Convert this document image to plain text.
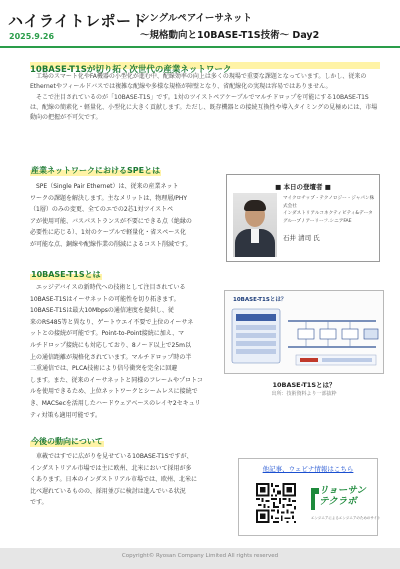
ハイライトレポート
2025.9.26
シングルペアイーサネット
～規格動向と10BASE-T1S技術～ Day2
10BASE-T1Sが切り拓く次世代の産業ネットワーク

工場のスマート化やFA機器の小型化が進む中、配線効率の向上は多くの現場で重要な課題となっています。しかし、従来のEthernetやフィールドバスでは複雑な配線や多様な規格が障壁となり、省配線化の実現は容易ではありません。

そこで注目されているのが「10BASE-T1S」です。1対のツイストペアケーブルでマルチドロップを可能にする10BASE-T1Sは、配線の簡素化・軽量化、小型化に大きく貢献します。ただし、既存機器との接続互換性や導入タイミングの見極めには、市場動向の把握が不可欠です。

産業ネットワークにおけるSPEとは
SPE（Single Pair Ethernet）は、従来の産業ネット
ワークの課題を解決します。主なメリットは、物理層/PHY
（1層）のみの変更、全てのエでの2芯1対ツイストペ
アが使用可能、バスパストランスが不要にできる点（絶縁の
必要性に応じる）、1対のケーブルで軽量化・省スペース化
が可能な点、銅線や配線作業の削減によるコスト削減です。
■ 本日の登壇者 ■
マイクロチップ・テクノロジー・ジャパン株式会社
インダストリアルコネクティビティ&データ
グループ / アーリーフ.シニアFAE
石井 清司 氏
10BASE-T1Sとは
エッジデバイスの新時代への技術として注目されている
10BASE-T1Sはイーサネットの可能性を切り拓きます。
10BASE-T1Sは最大10Mbpsの通信速度を提供し、従
来のRS485等と異なり、ゲートウエイ不要で上位のイーサネ
ットとの接続が可能です。Point-to-Point接続に加え、マ
ルチドロップ接続にも対応しており、8ノード以上で25m以
上の通信距離が規格化されています。マルチドロップ時の半
二重通信では、PLCA技術により信号衝突を完全に回避
します。また、従来のイーサネットと同様のフレームやプロトコ
ルを使用できるため、上位ネットワークとシームレスに接続で
き、MACSecを活用したハードウェアベースのレイヤ2セキュリ
ティ対策も適用可能です。
10BASE-T1Sとは？
10BASE-T1Sとは？
出所：技術資料より一部抜粋
今後の動向について
車載ではすでに広がりを見せている10BASE-T1Sですが、
インダストリアル市場では主に欧州、北米において採用が多
くあります。日本のインダストリアル市場では、欧州、北米に
比べ遅れているものの、採用並びに検討は進んでいる状況
です。
他記事、ウェビナ情報はこちら
リョーサン
テクラボ
エンジニアによるエンジニアのためのサイト
Copyright© Ryosan Company Limited All rights reserved
